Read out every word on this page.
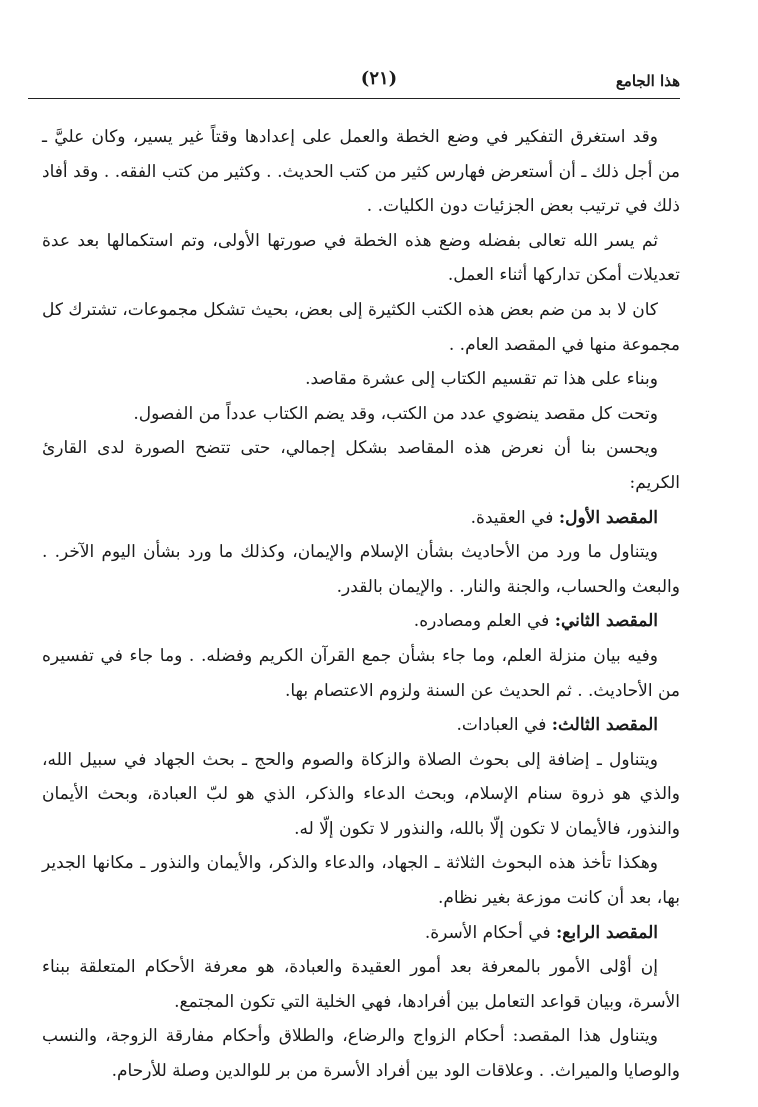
هذا الجامع
(٢١)

وقد استغرق التفكير في وضع الخطة والعمل على إعدادها وقتاً غير يسير، وكان عليَّ ـ من أجل ذلك ـ أن أستعرض فهارس كثير من كتب الحديث. . وكثير من كتب الفقه. . وقد أفاد ذلك في ترتيب بعض الجزئيات دون الكليات. .

ثم يسر الله تعالى بفضله وضع هذه الخطة في صورتها الأولى، وتم استكمالها بعد عدة تعديلات أمكن تداركها أثناء العمل.

كان لا بد من ضم بعض هذه الكتب الكثيرة إلى بعض، بحيث تشكل مجموعات، تشترك كل مجموعة منها في المقصد العام. .

وبناء على هذا تم تقسيم الكتاب إلى عشرة مقاصد.

وتحت كل مقصد ينضوي عدد من الكتب، وقد يضم الكتاب عدداً من الفصول.

ويحسن بنا أن نعرض هذه المقاصد بشكل إجمالي، حتى تتضح الصورة لدى القارئ الكريم:

المقصد الأول: في العقيدة.

ويتناول ما ورد من الأحاديث بشأن الإسلام والإيمان، وكذلك ما ورد بشأن اليوم الآخر. . والبعث والحساب، والجنة والنار. . والإيمان بالقدر.

المقصد الثاني: في العلم ومصادره.

وفيه بيان منزلة العلم، وما جاء بشأن جمع القرآن الكريم وفضله. . وما جاء في تفسيره من الأحاديث. . ثم الحديث عن السنة ولزوم الاعتصام بها.

المقصد الثالث: في العبادات.

ويتناول ـ إضافة إلى بحوث الصلاة والزكاة والصوم والحج ـ بحث الجهاد في سبيل الله، والذي هو ذروة سنام الإسلام، وبحث الدعاء والذكر، الذي هو لبّ العبادة، وبحث الأيمان والنذور، فالأيمان لا تكون إلّا بالله، والنذور لا تكون إلّا له.

وهكذا تأخذ هذه البحوث الثلاثة ـ الجهاد، والدعاء والذكر، والأيمان والنذور ـ مكانها الجدير بها، بعد أن كانت موزعة بغير نظام.

المقصد الرابع: في أحكام الأسرة.

إن أوْلى الأمور بالمعرفة بعد أمور العقيدة والعبادة، هو معرفة الأحكام المتعلقة ببناء الأسرة، وبيان قواعد التعامل بين أفرادها، فهي الخلية التي تكون المجتمع.

ويتناول هذا المقصد: أحكام الزواج والرضاع، والطلاق وأحكام مفارقة الزوجة، والنسب والوصايا والميراث. . وعلاقات الود بين أفراد الأسرة من بر للوالدين وصلة للأرحام.
